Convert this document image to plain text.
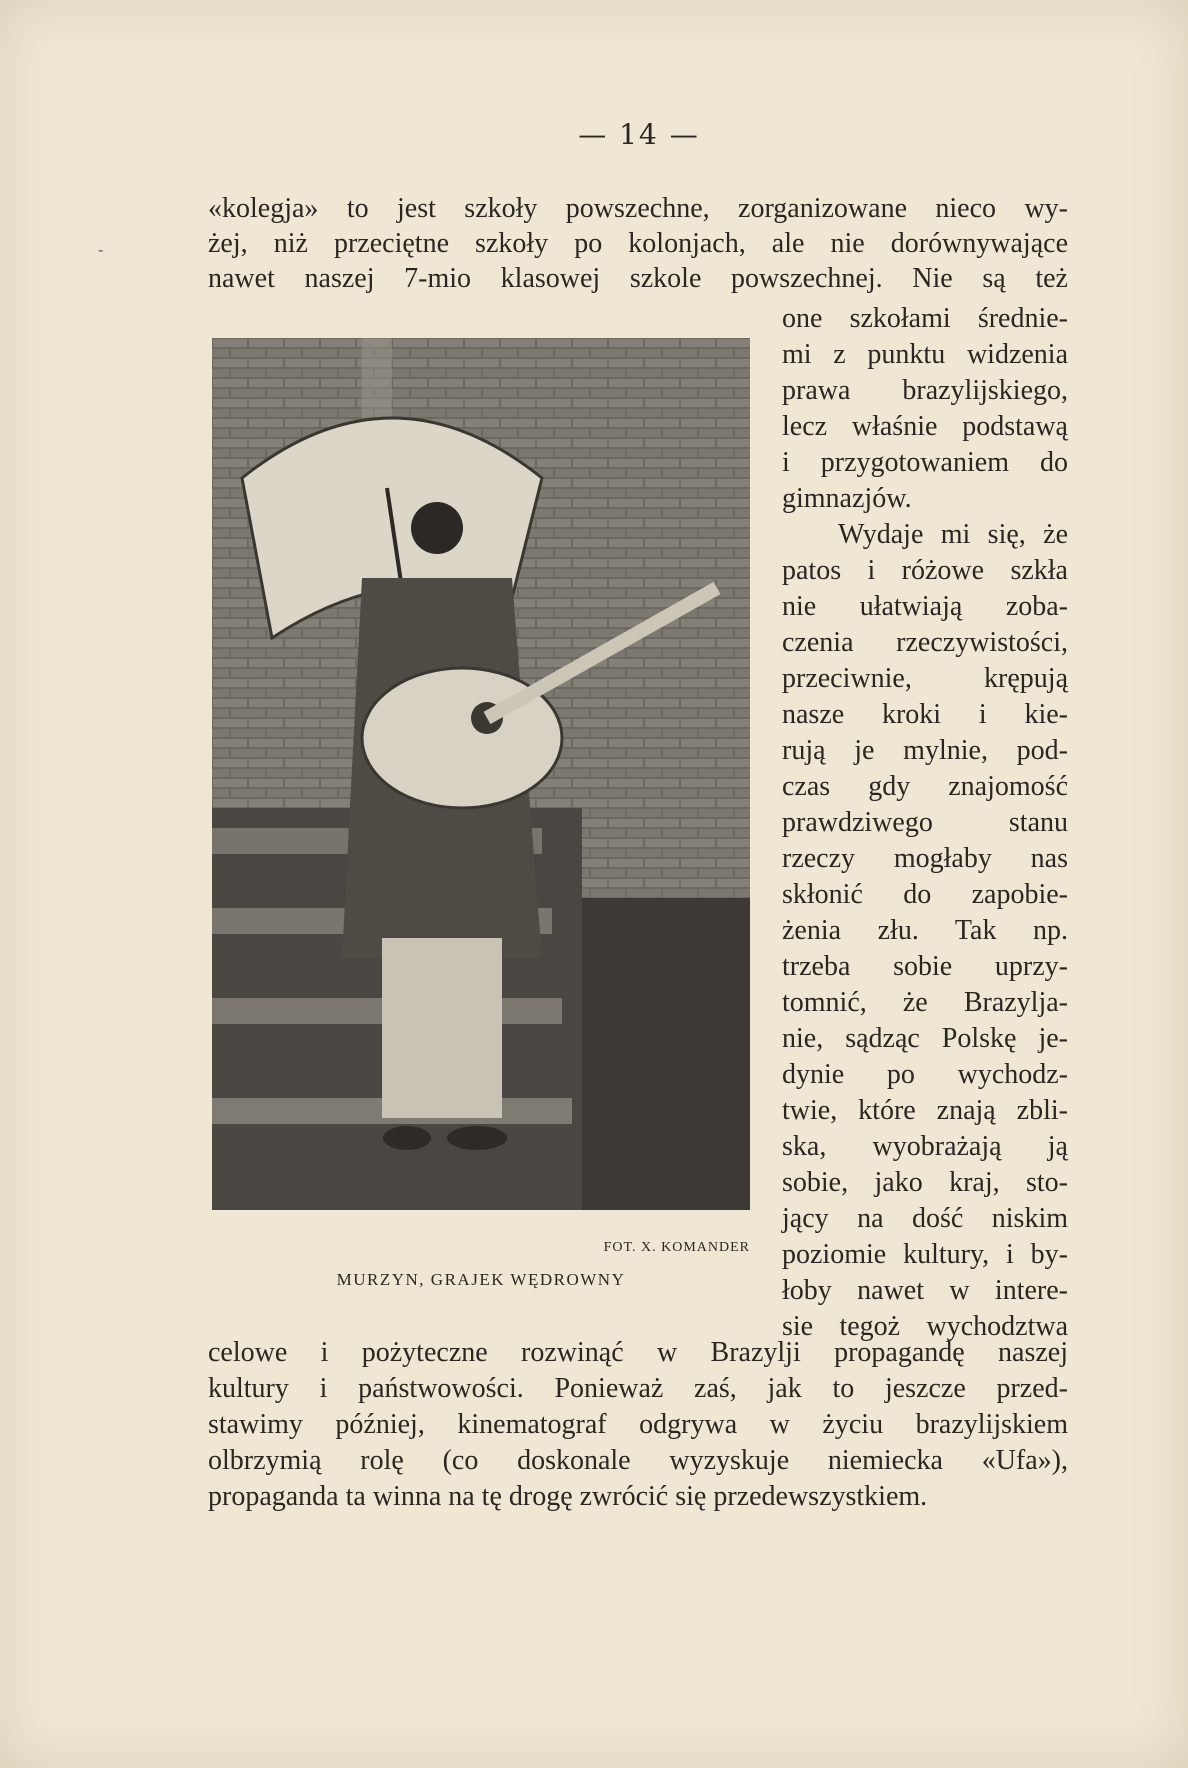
-
— 14 —
«kolegja» to jest szkoły powszechne, zorganizowane nieco wy-
żej, niż przeciętne szkoły po kolonjach, ale nie dorównywające
nawet naszej 7-mio klasowej szkole powszechnej. Nie są też
one szkołami średnie-
mi z punktu widzenia
prawa brazylijskiego,
lecz właśnie podstawą
i przygotowaniem do
gimnazjów.
Wydaje mi się, że
patos i różowe szkła
nie ułatwiają zoba-
czenia rzeczywistości,
przeciwnie, krępują
nasze kroki i kie-
rują je mylnie, pod-
czas gdy znajomość
prawdziwego stanu
rzeczy mogłaby nas
skłonić do zapobie-
żenia złu. Tak np.
trzeba sobie uprzy-
tomnić, że Brazylja-
nie, sądząc Polskę je-
dynie po wychodz-
twie, które znają zbli-
ska, wyobrażają ją
sobie, jako kraj, sto-
jący na dość niskim
poziomie kultury, i by-
łoby nawet w intere-
sie tegoż wychodztwa
celowe i pożyteczne rozwinąć w Brazylji propagandę naszej
kultury i państwowości. Ponieważ zaś, jak to jeszcze przed-
stawimy później, kinematograf odgrywa w życiu brazylijskiem
olbrzymią rolę (co doskonale wyzyskuje niemiecka «Ufa»),
propaganda ta winna na tę drogę zwrócić się przedewszystkiem.
FOT. X. KOMANDER
MURZYN, GRAJEK WĘDROWNY
